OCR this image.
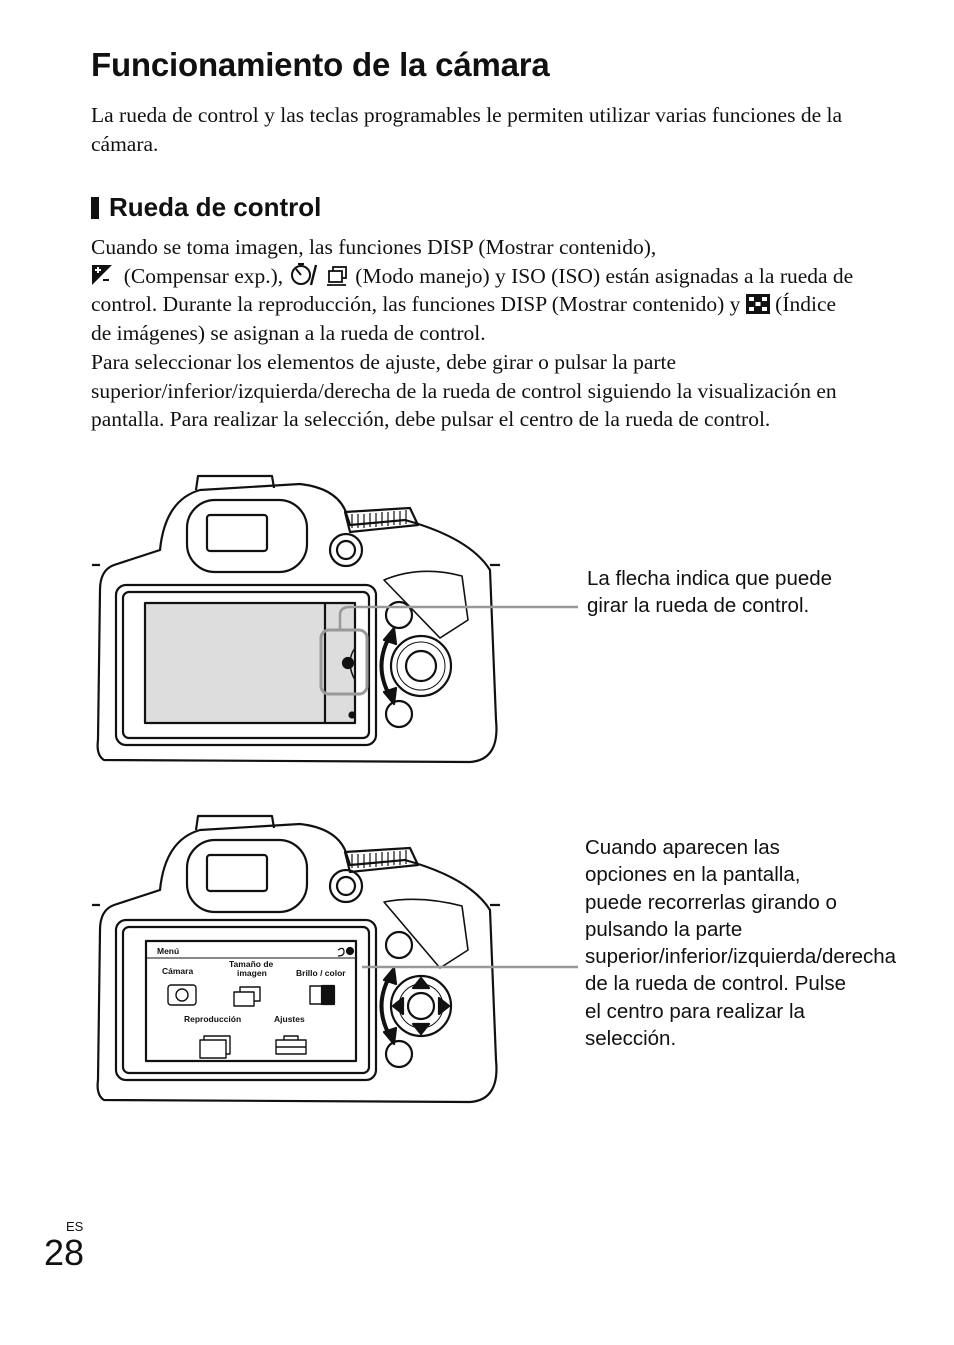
Funcionamiento de la cámara

La rueda de control y las teclas programables le permiten utilizar varias funciones de la cámara.

Rueda de control

Cuando se toma imagen, las funciones DISP (Mostrar contenido),
(Compensar exp.),	(Modo manejo) y ISO (ISO) están asignadas a la rueda de control. Durante la reproducción, las funciones DISP (Mostrar contenido) y (Índice de imágenes) se asignan a la rueda de control.

Para seleccionar los elementos de ajuste, debe girar o pulsar la parte superior/inferior/izquierda/derecha de la rueda de control siguiendo la visualización en pantalla. Para realizar la selección, debe pulsar el centro de la rueda de control.

La flecha indica que puede girar la rueda de control.

Menú
Cámara
Tamaño de
imagen	Brillo / color
Reproducción	Ajustes

Cuando aparecen las opciones en la pantalla, puede recorrerlas girando o pulsando la parte superior/inferior/izquierda/derecha de la rueda de control. Pulse el centro para realizar la selección.

ES
28
